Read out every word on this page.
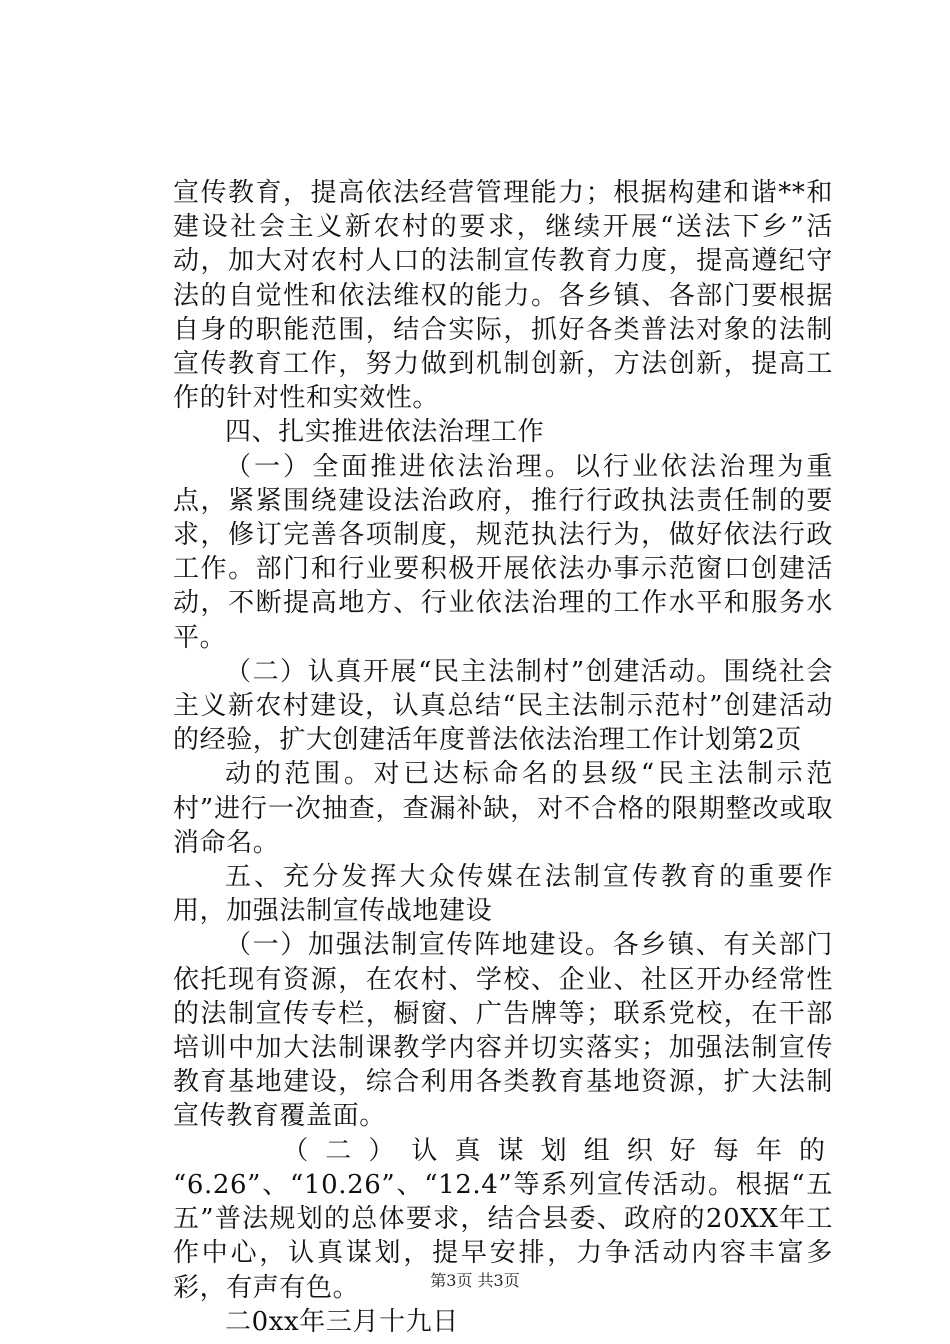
宣传教育，提高依法经营管理能力；根据构建和谐**和建设社会主义新农村的要求，继续开展“送法下乡”活动，加大对农村人口的法制宣传教育力度，提高遵纪守法的自觉性和依法维权的能力。各乡镇、各部门要根据自身的职能范围，结合实际，抓好各类普法对象的法制宣传教育工作，努力做到机制创新，方法创新，提高工作的针对性和实效性。

四、扎实推进依法治理工作

（一）全面推进依法治理。以行业依法治理为重点，紧紧围绕建设法治政府，推行行政执法责任制的要求，修订完善各项制度，规范执法行为，做好依法行政工作。部门和行业要积极开展依法办事示范窗口创建活动，不断提高地方、行业依法治理的工作水平和服务水平。

（二）认真开展“民主法制村”创建活动。围绕社会主义新农村建设，认真总结“民主法制示范村”创建活动的经验，扩大创建活年度普法依法治理工作计划第2页

动的范围。对已达标命名的县级“民主法制示范村”进行一次抽查，查漏补缺，对不合格的限期整改或取消命名。

五、充分发挥大众传媒在法制宣传教育的重要作用，加强法制宣传战地建设

（一）加强法制宣传阵地建设。各乡镇、有关部门依托现有资源，在农村、学校、企业、社区开办经常性的法制宣传专栏，橱窗、广告牌等；联系党校，在干部培训中加大法制课教学内容并切实落实；加强法制宣传教育基地建设，综合利用各类教育基地资源，扩大法制宣传教育覆盖面。

（二）认真谋划组织好每年的

“6.26”、“10.26”、“12.4”等系列宣传活动。根据“五五”普法规划的总体要求，结合县委、政府的20XX年工作中心，认真谋划，提早安排，力争活动内容丰富多彩，有声有色。

二0xx年三月十九日

第3页 共3页
